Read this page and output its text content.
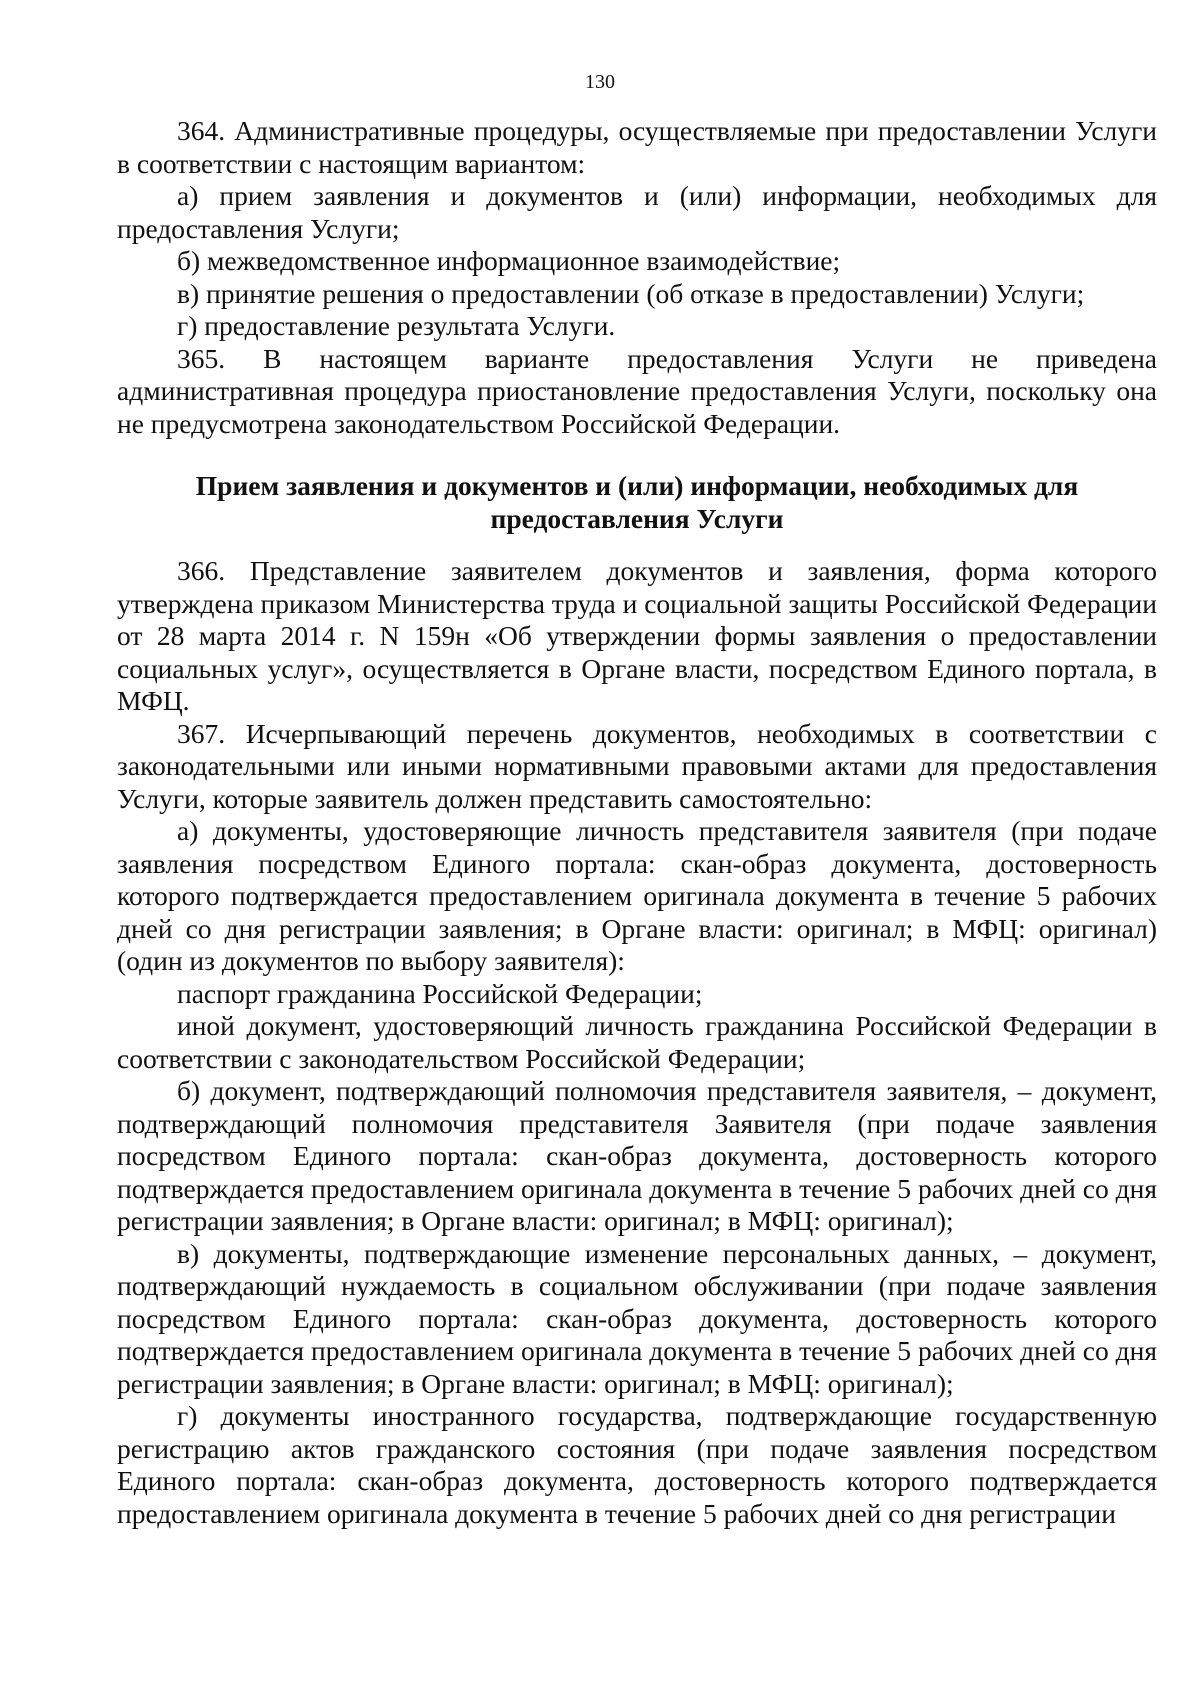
130

364. Административные процедуры, осуществляемые при предоставлении Услуги в соответствии с настоящим вариантом:

а) прием заявления и документов и (или) информации, необходимых для предоставления Услуги;

б) межведомственное информационное взаимодействие;

в) принятие решения о предоставлении (об отказе в предоставлении) Услуги;

г) предоставление результата Услуги.

365. В настоящем варианте предоставления Услуги не приведена административная процедура приостановление предоставления Услуги, поскольку она не предусмотрена законодательством Российской Федерации.

Прием заявления и документов и (или) информации, необходимых для предоставления Услуги

366. Представление заявителем документов и заявления, форма которого утверждена приказом Министерства труда и социальной защиты Российской Федерации от 28 марта 2014 г. N 159н «Об утверждении формы заявления о предоставлении социальных услуг», осуществляется в Органе власти, посредством Единого портала, в МФЦ.

367. Исчерпывающий перечень документов, необходимых в соответствии с законодательными или иными нормативными правовыми актами для предоставления Услуги, которые заявитель должен представить самостоятельно:

а) документы, удостоверяющие личность представителя заявителя (при подаче заявления посредством Единого портала: скан-образ документа, достоверность которого подтверждается предоставлением оригинала документа в течение 5 рабочих дней со дня регистрации заявления; в Органе власти: оригинал; в МФЦ: оригинал) (один из документов по выбору заявителя):

паспорт гражданина Российской Федерации;

иной документ, удостоверяющий личность гражданина Российской Федерации в соответствии с законодательством Российской Федерации;

б) документ, подтверждающий полномочия представителя заявителя, – документ, подтверждающий полномочия представителя Заявителя (при подаче заявления посредством Единого портала: скан-образ документа, достоверность которого подтверждается предоставлением оригинала документа в течение 5 рабочих дней со дня регистрации заявления; в Органе власти: оригинал; в МФЦ: оригинал);

в) документы, подтверждающие изменение персональных данных, – документ, подтверждающий нуждаемость в социальном обслуживании (при подаче заявления посредством Единого портала: скан-образ документа, достоверность которого подтверждается предоставлением оригинала документа в течение 5 рабочих дней со дня регистрации заявления; в Органе власти: оригинал; в МФЦ: оригинал);

г) документы иностранного государства, подтверждающие государственную регистрацию актов гражданского состояния (при подаче заявления посредством Единого портала: скан-образ документа, достоверность которого подтверждается предоставлением оригинала документа в течение 5 рабочих дней со дня регистрации
